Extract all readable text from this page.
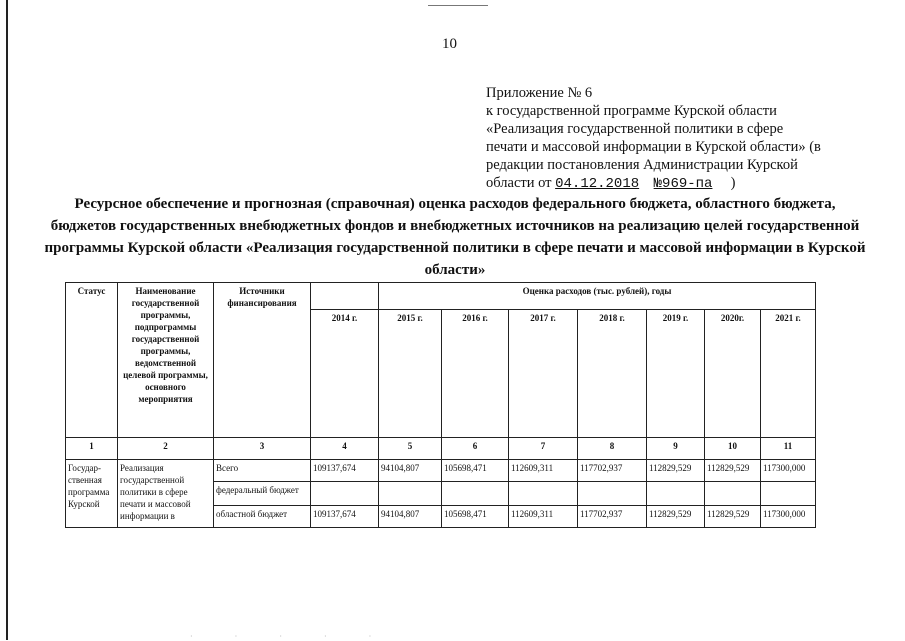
10
Приложение № 6
к государственной программе Курской области
«Реализация государственной политики в сфере
печати и массовой информации в Курской области» (в
редакции постановления Администрации Курской
области от 04.12.2018 №969-па )
Ресурсное обеспечение и прогнозная (справочная) оценка расходов федерального бюджета, областного бюджета, бюджетов государственных внебюджетных фондов и внебюджетных источников на реализацию целей государственной программы Курской области «Реализация государственной политики в сфере печати и массовой информации в Курской области»
Статус	Наименование государственной программы, подпрограммы государственной программы, ведомственной целевой программы, основного мероприятия	Источники финансирования		Оценка расходов (тыс. рублей), годы						
			2014 г.	2015 г.	2016 г.	2017 г.	2018 г.	2019 г.	2020г.	2021 г.
1	2	3	4	5	6	7	8	9	10	11
Государ- ственная программа Курской	Реализация государственной политики в сфере печати и массовой информации в	Всего	109137,674	94104,807	105698,471	112609,311	117702,937	112829,529	112829,529	117300,000
		федеральный бюджет								
		областной бюджет	109137,674	94104,807	105698,471	112609,311	117702,937	112829,529	112829,529	117300,000
· · · · ·
